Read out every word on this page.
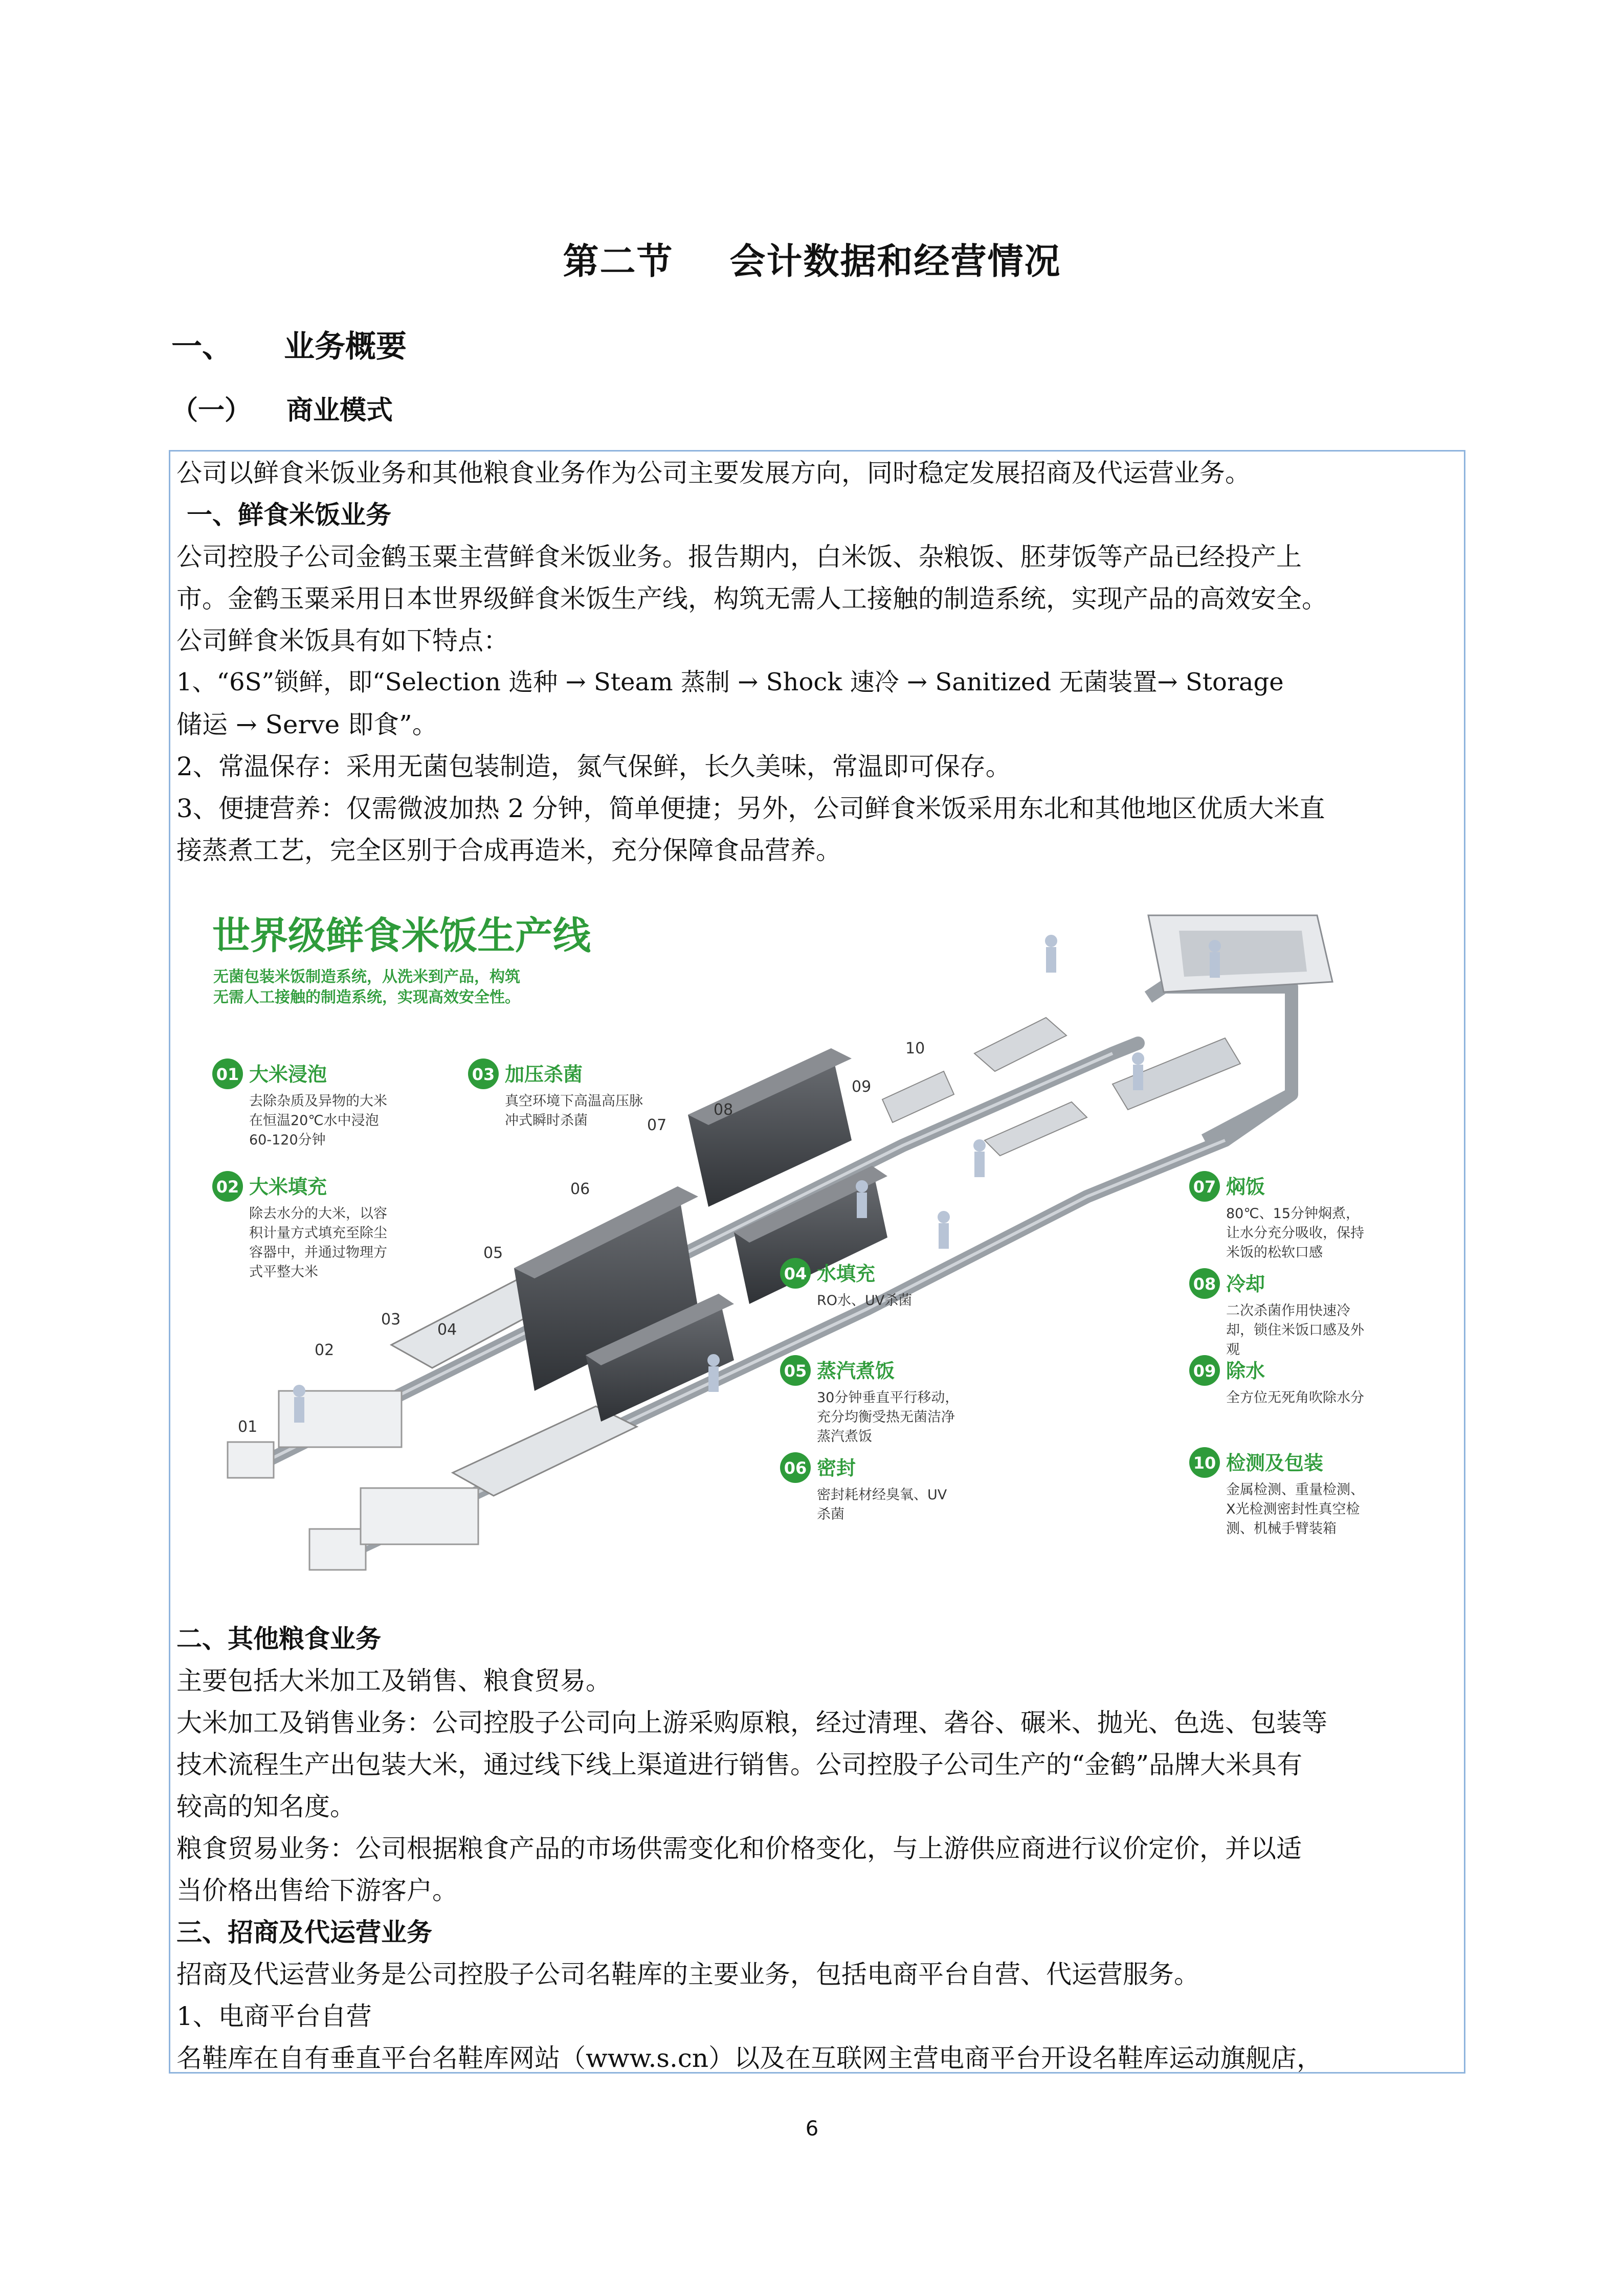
第二节 会计数据和经营情况
一、 业务概要
（一） 商业模式
公司以鲜食米饭业务和其他粮食业务作为公司主要发展方向，同时稳定发展招商及代运营业务。
一、鲜食米饭业务
公司控股子公司金鹤玉粟主营鲜食米饭业务。报告期内，白米饭、杂粮饭、胚芽饭等产品已经投产上
市。金鹤玉粟采用日本世界级鲜食米饭生产线，构筑无需人工接触的制造系统，实现产品的高效安全。
公司鲜食米饭具有如下特点：
1、“6S”锁鲜，即“Selection 选种 → Steam 蒸制 → Shock 速冷 → Sanitized 无菌装置→ Storage
储运 → Serve 即食”。
2、常温保存：采用无菌包装制造，氮气保鲜，长久美味，常温即可保存。
3、便捷营养：仅需微波加热 2 分钟，简单便捷；另外，公司鲜食米饭采用东北和其他地区优质大米直
接蒸煮工艺，完全区别于合成再造米，充分保障食品营养。
世界级鲜食米饭生产线
无菌包装米饭制造系统，从洗米到产品，构筑
无需人工接触的制造系统，实现高效安全性。
01
02
03
04
05
06
07
08
09
10
01 大米浸泡
去除杂质及异物的大米
在恒温20℃水中浸泡
60-120分钟
02 大米填充
除去水分的大米，以容
积计量方式填充至除尘
容器中，并通过物理方
式平整大米
03 加压杀菌
真空环境下高温高压脉
冲式瞬时杀菌
04 水填充
RO水、UV杀菌
05 蒸汽煮饭
30分钟垂直平行移动，
充分均衡受热无菌洁净
蒸汽煮饭
06 密封
密封耗材经臭氧、UV
杀菌
07 焖饭
80℃、15分钟焖煮，
让水分充分吸收，保持
米饭的松软口感
08 冷却
二次杀菌作用快速冷
却，锁住米饭口感及外
观
09 除水
全方位无死角吹除水分
10 检测及包装
金属检测、重量检测、
X光检测密封性真空检
测、机械手臂装箱
二、其他粮食业务
主要包括大米加工及销售、粮食贸易。
大米加工及销售业务：公司控股子公司向上游采购原粮，经过清理、砻谷、碾米、抛光、色选、包装等
技术流程生产出包装大米，通过线下线上渠道进行销售。公司控股子公司生产的“金鹤”品牌大米具有
较高的知名度。
粮食贸易业务：公司根据粮食产品的市场供需变化和价格变化，与上游供应商进行议价定价，并以适
当价格出售给下游客户。
三、招商及代运营业务
招商及代运营业务是公司控股子公司名鞋库的主要业务，包括电商平台自营、代运营服务。
1、电商平台自营
名鞋库在自有垂直平台名鞋库网站（www.s.cn）以及在互联网主营电商平台开设名鞋库运动旗舰店，
6
